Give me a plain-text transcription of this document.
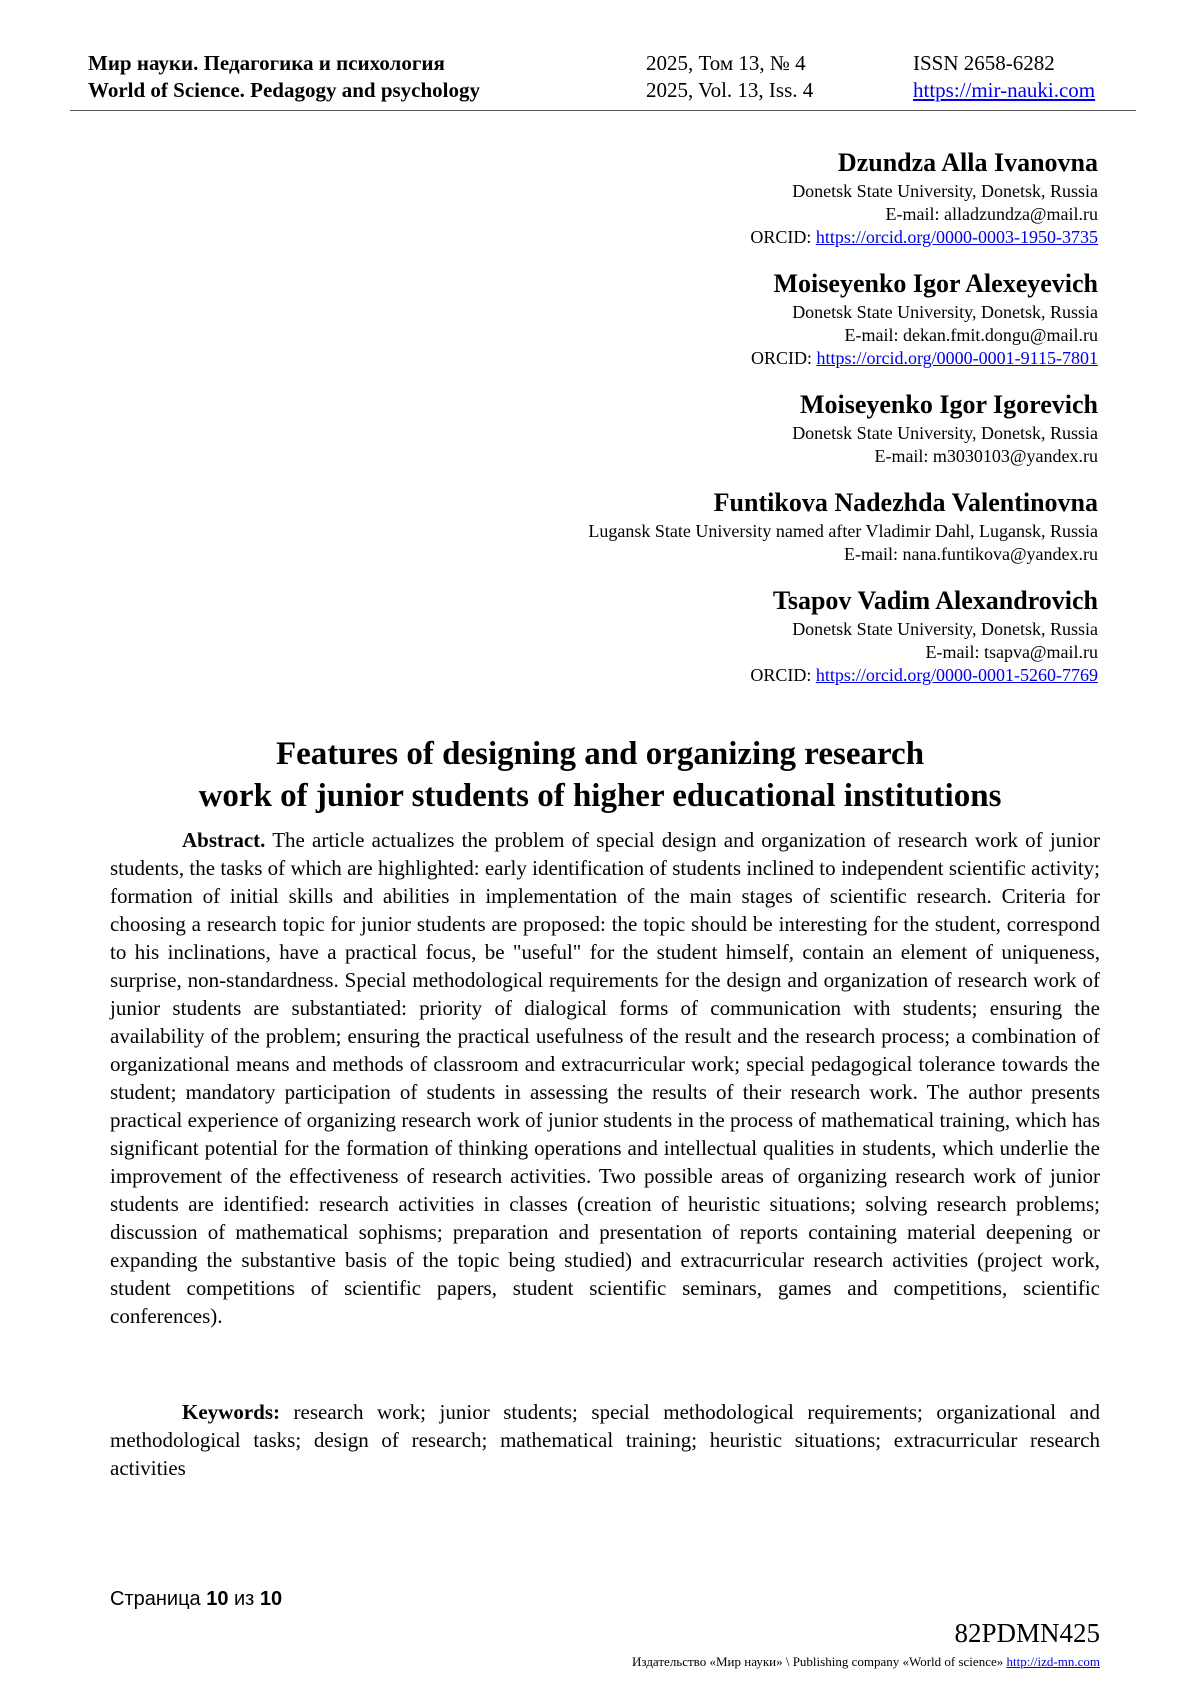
Мир науки. Педагогика и психология
World of Science. Pedagogy and psychology
2025, Том 13, № 4
2025, Vol. 13, Iss. 4
ISSN 2658-6282
https://mir-nauki.com
Dzundza Alla Ivanovna
Donetsk State University, Donetsk, Russia
E-mail: alladzundza@mail.ru
ORCID: https://orcid.org/0000-0003-1950-3735
Moiseyenko Igor Alexeyevich
Donetsk State University, Donetsk, Russia
E-mail: dekan.fmit.dongu@mail.ru
ORCID: https://orcid.org/0000-0001-9115-7801
Moiseyenko Igor Igorevich
Donetsk State University, Donetsk, Russia
E-mail: m3030103@yandex.ru
Funtikova Nadezhda Valentinovna
Lugansk State University named after Vladimir Dahl, Lugansk, Russia
E-mail: nana.funtikova@yandex.ru
Tsapov Vadim Alexandrovich
Donetsk State University, Donetsk, Russia
E-mail: tsapva@mail.ru
ORCID: https://orcid.org/0000-0001-5260-7769
Features of designing and organizing research
work of junior students of higher educational institutions

Abstract. The article actualizes the problem of special design and organization of research work of junior students, the tasks of which are highlighted: early identification of students inclined to independent scientific activity; formation of initial skills and abilities in implementation of the main stages of scientific research. Criteria for choosing a research topic for junior students are proposed: the topic should be interesting for the student, correspond to his inclinations, have a practical focus, be "useful" for the student himself, contain an element of uniqueness, surprise, non-standardness. Special methodological requirements for the design and organization of research work of junior students are substantiated: priority of dialogical forms of communication with students; ensuring the availability of the problem; ensuring the practical usefulness of the result and the research process; a combination of organizational means and methods of classroom and extracurricular work; special pedagogical tolerance towards the student; mandatory participation of students in assessing the results of their research work. The author presents practical experience of organizing research work of junior students in the process of mathematical training, which has significant potential for the formation of thinking operations and intellectual qualities in students, which underlie the improvement of the effectiveness of research activities. Two possible areas of organizing research work of junior students are identified: research activities in classes (creation of heuristic situations; solving research problems; discussion of mathematical sophisms; preparation and presentation of reports containing material deepening or expanding the substantive basis of the topic being studied) and extracurricular research activities (project work, student competitions of scientific papers, student scientific seminars, games and competitions, scientific conferences).

Keywords: research work; junior students; special methodological requirements; organizational and methodological tasks; design of research; mathematical training; heuristic situations; extracurricular research activities

Страница 10 из 10
82PDMN425
Издательство «Мир науки» \ Publishing company «World of science» http://izd-mn.com
